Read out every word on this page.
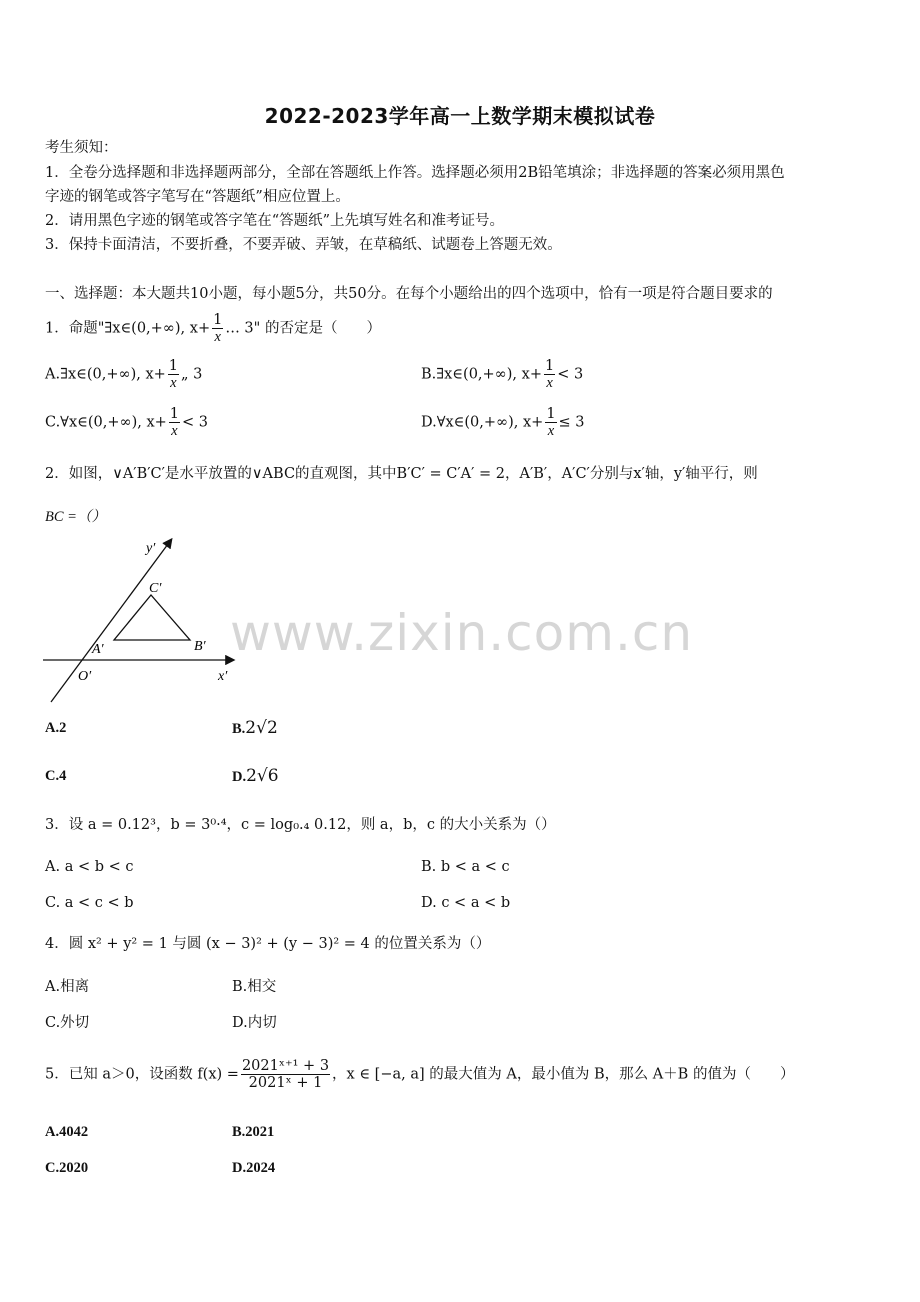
2022-2023学年高一上数学期末模拟试卷
考生须知：
1．全卷分选择题和非选择题两部分，全部在答题纸上作答。选择题必须用2B铅笔填涂；非选择题的答案必须用黑色
字迹的钢笔或答字笔写在“答题纸”相应位置上。
2．请用黑色字迹的钢笔或答字笔在“答题纸”上先填写姓名和准考证号。
3．保持卡面清洁，不要折叠，不要弄破、弄皱，在草稿纸、试题卷上答题无效。
一、选择题：本大题共10小题，每小题5分，共50分。在每个小题给出的四个选项中，恰有一项是符合题目要求的
1．命题"∃x∈(0,+∞), $x+ \frac{1}{x}$ … 3" 的否定是（　　）
A.∃x∈(0,+∞), $x+ \frac{1}{x}$ „ 3	B.∃x∈(0,+∞), $x+ \frac{1}{x} < 3$
C.∀x∈(0,+∞), $x+ \frac{1}{x} < 3$	D.∀x∈(0,+∞), $x+ \frac{1}{x} \le 3$
2．如图，∨A′B′C′是水平放置的∨ABC的直观图，其中B′C′ = C′A′ = 2，A′B′，A′C′分别与x′轴，y′轴平行，则
BC =（）
y′
x′
O′
A′	B′
C′
www.zixin.com.cn
A.2	B.2√2
C.4	D.2√6
3．设 a = 0.12³，b = 3⁰·⁴，c = log₀.₄ 0.12，则 a，b，c 的大小关系为（）
A. a < b < c	B. b < a < c
C. a < c < b	D. c < a < b
4．圆 x² + y² = 1 与圆 (x − 3)² + (y − 3)² = 4 的位置关系为（）
A.相离	B.相交
C.外切	D.内切
5．已知 a＞0，设函数 $f(x) = \frac{\text{2021ˣ⁺¹ + 3}}{\text{2021ˣ + 1}}$ ，x ∈ [−a, a] 的最大值为 A，最小值为 B，那么 A＋B 的值为（　　）
A.4042	B.2021
C.2020	D.2024
